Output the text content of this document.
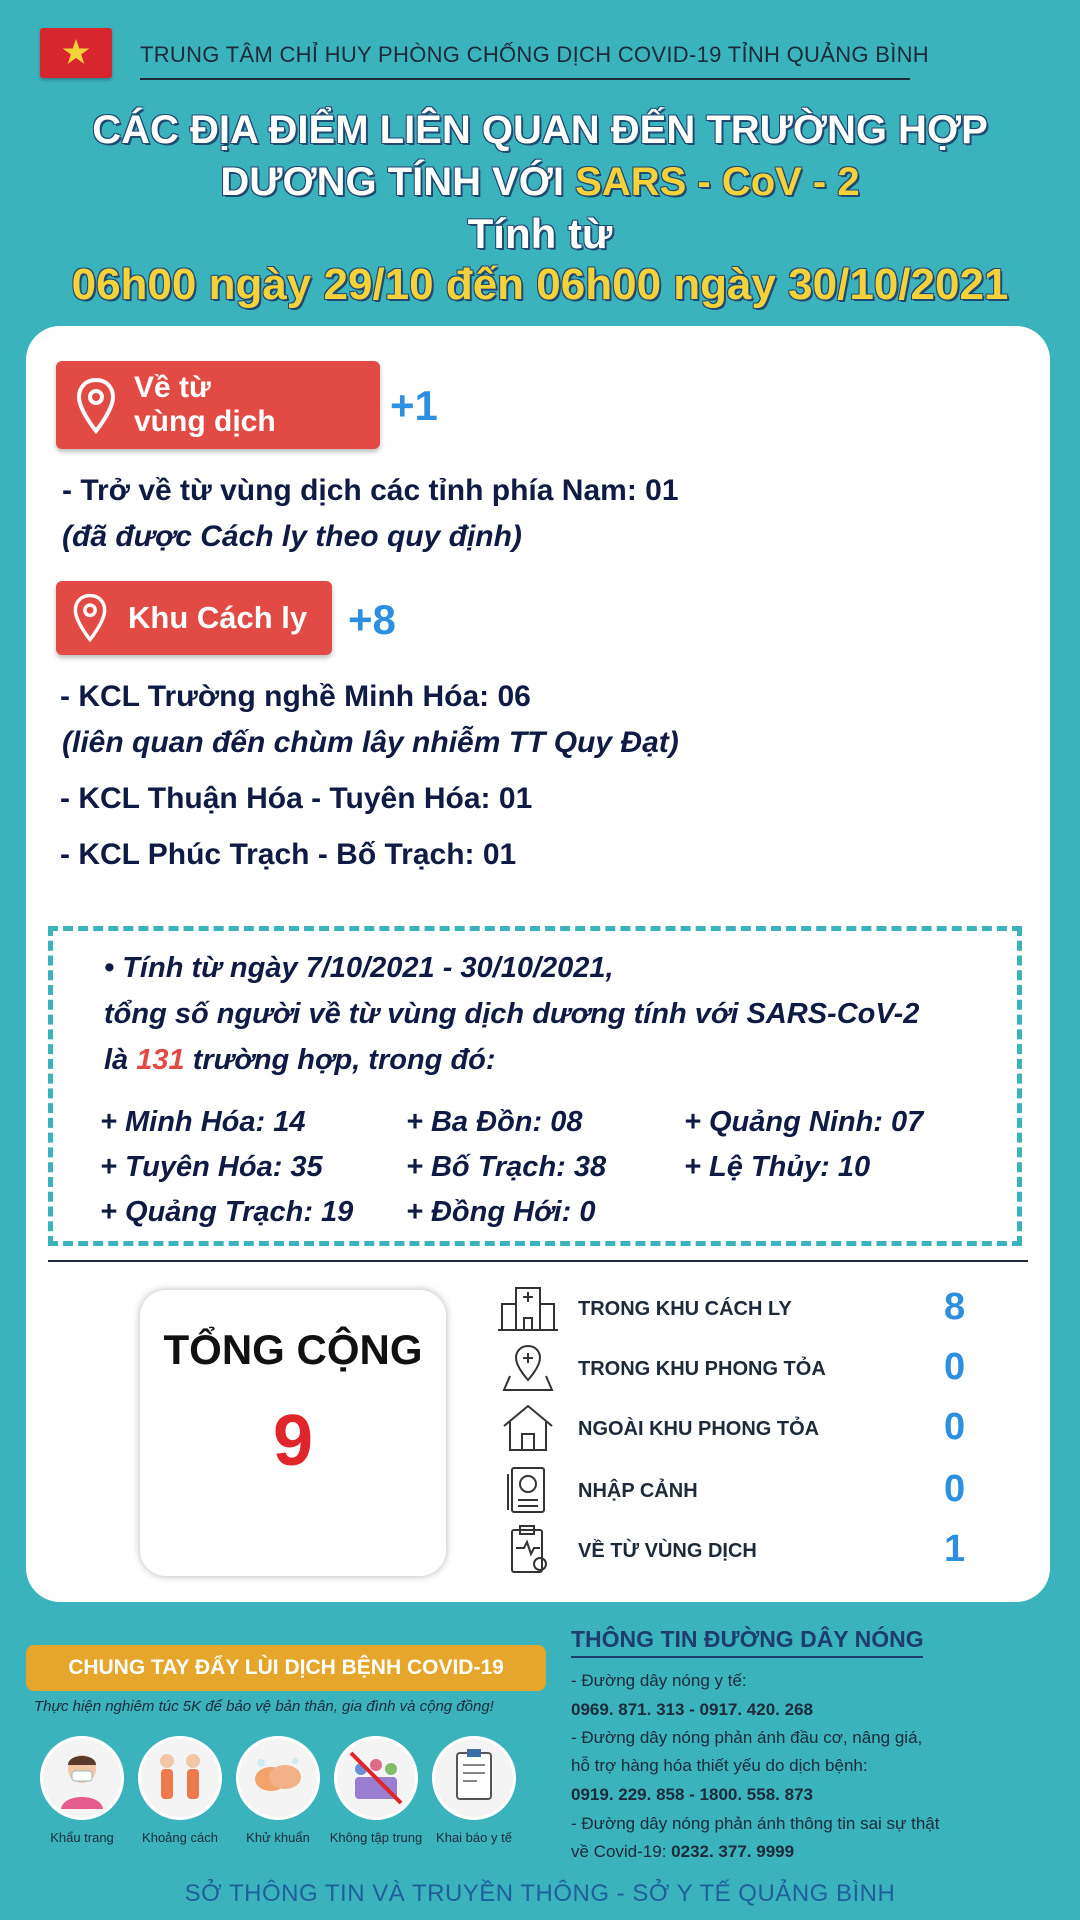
TRUNG TÂM CHỈ HUY PHÒNG CHỐNG DỊCH COVID-19 TỈNH QUẢNG BÌNH
CÁC ĐỊA ĐIỂM LIÊN QUAN ĐẾN TRƯỜNG HỢP
DƯƠNG TÍNH VỚI SARS - CoV - 2
Tính từ
06h00 ngày 29/10 đến 06h00 ngày 30/10/2021
Về từ
vùng dịch	+1
- Trở về từ vùng dịch các tỉnh phía Nam: 01
(đã được Cách ly theo quy định)
Khu Cách ly +8
- KCL Trường nghề Minh Hóa: 06
(liên quan đến chùm lây nhiễm TT Quy Đạt)
- KCL Thuận Hóa - Tuyên Hóa: 01
- KCL Phúc Trạch - Bố Trạch: 01
• Tính từ ngày 7/10/2021 - 30/10/2021,
tổng số người về từ vùng dịch dương tính với SARS-CoV-2
là 131 trường hợp, trong đó:
+ Minh Hóa: 14	+ Ba Đồn: 08	+ Quảng Ninh: 07
+ Tuyên Hóa: 35	+ Bố Trạch: 38	+ Lệ Thủy: 10
+ Quảng Trạch: 19 + Đồng Hới: 0
TỔNG CỘNG
9
TRONG KHU CÁCH LY	8
TRONG KHU PHONG TỎA	0
NGOÀI KHU PHONG TỎA	0
NHẬP CẢNH	0
VỀ TỪ VÙNG DỊCH	1
CHUNG TAY ĐẨY LÙI DỊCH BỆNH COVID-19
Thực hiện nghiêm túc 5K để bảo vệ bản thân, gia đình và cộng đồng!
Khẩu trang	Khoảng cách	Khử khuẩn	Không tập trung	Khai báo y tế
THÔNG TIN ĐƯỜNG DÂY NÓNG
- Đường dây nóng y tế:
0969. 871. 313 - 0917. 420. 268
- Đường dây nóng phản ánh đầu cơ, nâng giá,
hỗ trợ hàng hóa thiết yếu do dịch bệnh:
0919. 229. 858 - 1800. 558. 873
- Đường dây nóng phản ánh thông tin sai sự thật
về Covid-19: 0232. 377. 9999
SỞ THÔNG TIN VÀ TRUYỀN THÔNG - SỞ Y TẾ QUẢNG BÌNH
